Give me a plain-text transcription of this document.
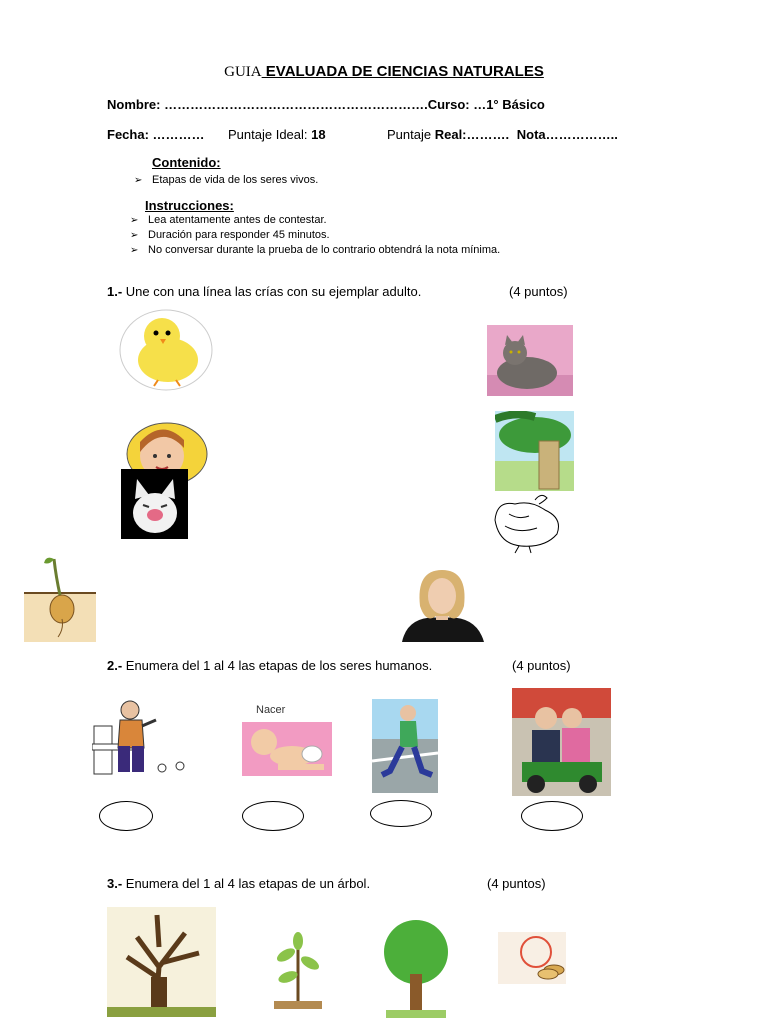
GUIA EVALUADA DE CIENCIAS NATURALES
Nombre: …………………………………………………….Curso: …1° Básico
Fecha: ………… Puntaje Ideal: 18	Puntaje Real:………. Nota……………..
Contenido:
➢ Etapas de vida de los seres vivos.
Instrucciones:
➢ Lea atentamente antes de contestar.
➢ Duración para responder 45 minutos.
➢ No conversar durante la prueba de lo contrario obtendrá la nota mínima.
1.- Une con una línea las crías con su ejemplar adulto.	(4 puntos)
2.- Enumera del 1 al 4 las etapas de los seres humanos.	(4 puntos)
Nacer
3.- Enumera del 1 al 4 las etapas de un árbol.	(4 puntos)
